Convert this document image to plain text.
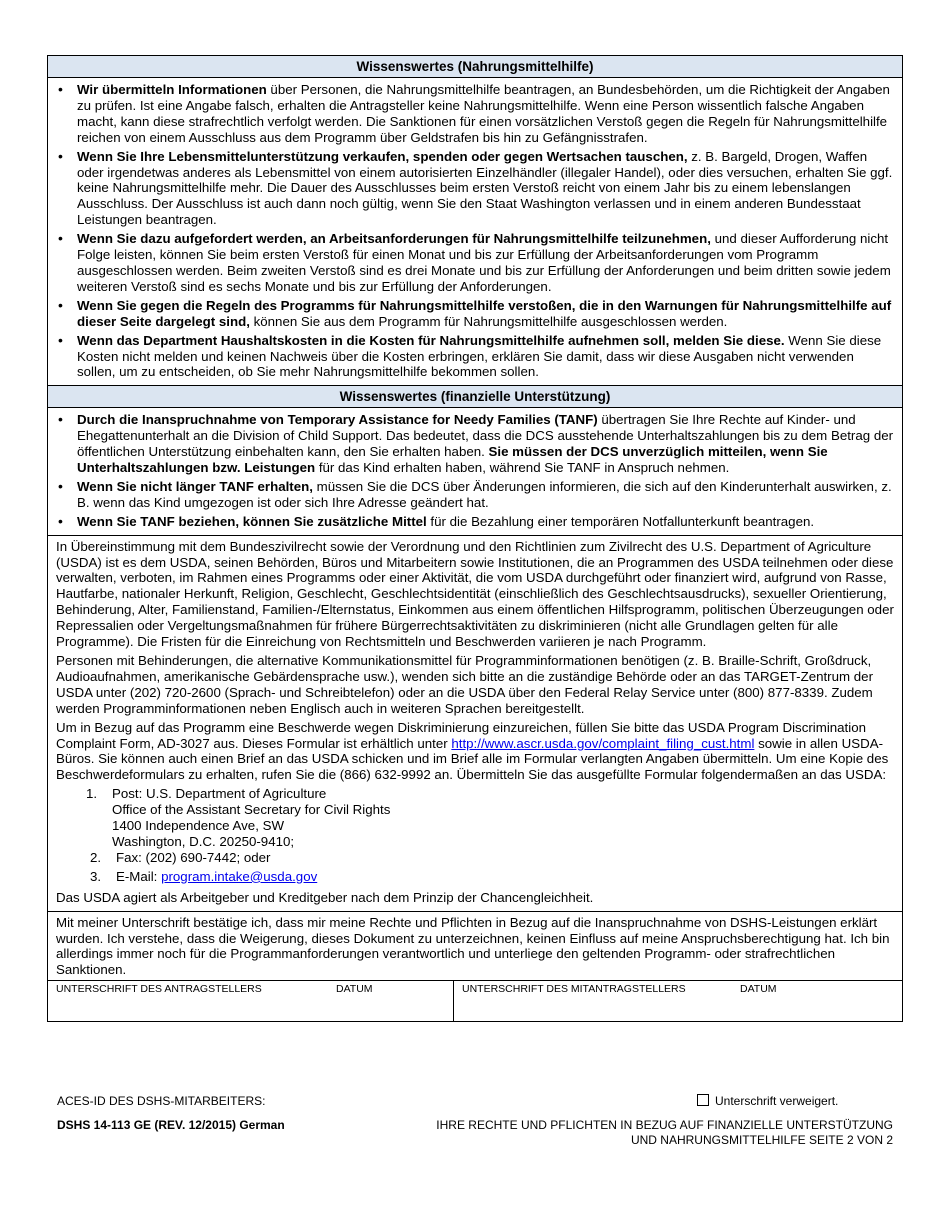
Wissenswertes (Nahrungsmittelhilfe)
• Wir übermitteln Informationen über Personen, die Nahrungsmittelhilfe beantragen, an Bundesbehörden, um die Richtigkeit der Angaben zu prüfen. Ist eine Angabe falsch, erhalten die Antragsteller keine Nahrungsmittelhilfe. Wenn eine Person wissentlich falsche Angaben macht, kann diese strafrechtlich verfolgt werden. Die Sanktionen für einen vorsätzlichen Verstoß gegen die Regeln für Nahrungsmittelhilfe reichen von einem Ausschluss aus dem Programm über Geldstrafen bis hin zu Gefängnisstrafen.
• Wenn Sie Ihre Lebensmittelunterstützung verkaufen, spenden oder gegen Wertsachen tauschen, z. B. Bargeld, Drogen, Waffen oder irgendetwas anderes als Lebensmittel von einem autorisierten Einzelhändler (illegaler Handel), oder dies versuchen, erhalten Sie ggf. keine Nahrungsmittelhilfe mehr. Die Dauer des Ausschlusses beim ersten Verstoß reicht von einem Jahr bis zu einem lebenslangen Ausschluss. Der Ausschluss ist auch dann noch gültig, wenn Sie den Staat Washington verlassen und in einem anderen Bundesstaat Leistungen beantragen.
• Wenn Sie dazu aufgefordert werden, an Arbeitsanforderungen für Nahrungsmittelhilfe teilzunehmen, und dieser Aufforderung nicht Folge leisten, können Sie beim ersten Verstoß für einen Monat und bis zur Erfüllung der Arbeitsanforderungen vom Programm ausgeschlossen werden. Beim zweiten Verstoß sind es drei Monate und bis zur Erfüllung der Anforderungen und beim dritten sowie jedem weiteren Verstoß sind es sechs Monate und bis zur Erfüllung der Anforderungen.
• Wenn Sie gegen die Regeln des Programms für Nahrungsmittelhilfe verstoßen, die in den Warnungen für Nahrungsmittelhilfe auf dieser Seite dargelegt sind, können Sie aus dem Programm für Nahrungsmittelhilfe ausgeschlossen werden.
• Wenn das Department Haushaltskosten in die Kosten für Nahrungsmittelhilfe aufnehmen soll, melden Sie diese. Wenn Sie diese Kosten nicht melden und keinen Nachweis über die Kosten erbringen, erklären Sie damit, dass wir diese Ausgaben nicht verwenden sollen, um zu entscheiden, ob Sie mehr Nahrungsmittelhilfe bekommen sollen.
Wissenswertes (finanzielle Unterstützung)
• Durch die Inanspruchnahme von Temporary Assistance for Needy Families (TANF) übertragen Sie Ihre Rechte auf Kinder- und Ehegattenunterhalt an die Division of Child Support. Das bedeutet, dass die DCS ausstehende Unterhaltszahlungen bis zu dem Betrag der öffentlichen Unterstützung einbehalten kann, den Sie erhalten haben. Sie müssen der DCS unverzüglich mitteilen, wenn Sie Unterhaltszahlungen bzw. Leistungen für das Kind erhalten haben, während Sie TANF in Anspruch nehmen.
• Wenn Sie nicht länger TANF erhalten, müssen Sie die DCS über Änderungen informieren, die sich auf den Kinderunterhalt auswirken, z. B. wenn das Kind umgezogen ist oder sich Ihre Adresse geändert hat.
• Wenn Sie TANF beziehen, können Sie zusätzliche Mittel für die Bezahlung einer temporären Notfallunterkunft beantragen.

In Übereinstimmung mit dem Bundeszivilrecht sowie der Verordnung und den Richtlinien zum Zivilrecht des U.S. Department of Agriculture (USDA) ist es dem USDA, seinen Behörden, Büros und Mitarbeitern sowie Institutionen, die an Programmen des USDA teilnehmen oder diese verwalten, verboten, im Rahmen eines Programms oder einer Aktivität, die vom USDA durchgeführt oder finanziert wird, aufgrund von Rasse, Hautfarbe, nationaler Herkunft, Religion, Geschlecht, Geschlechtsidentität (einschließlich des Geschlechtsausdrucks), sexueller Orientierung, Behinderung, Alter, Familienstand, Familien-/Elternstatus, Einkommen aus einem öffentlichen Hilfsprogramm, politischen Überzeugungen oder Repressalien oder Vergeltungsmaßnahmen für frühere Bürgerrechtsaktivitäten zu diskriminieren (nicht alle Grundlagen gelten für alle Programme). Die Fristen für die Einreichung von Rechtsmitteln und Beschwerden variieren je nach Programm.

Personen mit Behinderungen, die alternative Kommunikationsmittel für Programminformationen benötigen (z. B. Braille-Schrift, Großdruck, Audioaufnahmen, amerikanische Gebärdensprache usw.), wenden sich bitte an die zuständige Behörde oder an das TARGET-Zentrum der USDA unter (202) 720-2600 (Sprach- und Schreibtelefon) oder an die USDA über den Federal Relay Service unter (800) 877-8339. Zudem werden Programminformationen neben Englisch auch in weiteren Sprachen bereitgestellt.

Um in Bezug auf das Programm eine Beschwerde wegen Diskriminierung einzureichen, füllen Sie bitte das USDA Program Discrimination Complaint Form, AD-3027 aus. Dieses Formular ist erhältlich unter http://www.ascr.usda.gov/complaint_filing_cust.html sowie in allen USDA-Büros. Sie können auch einen Brief an das USDA schicken und im Brief alle im Formular verlangten Angaben übermitteln. Um eine Kopie des Beschwerdeformulars zu erhalten, rufen Sie die (866) 632-9992 an. Übermitteln Sie das ausgefüllte Formular folgendermaßen an das USDA:

1. Post: U.S. Department of Agriculture
Office of the Assistant Secretary for Civil Rights
1400 Independence Ave, SW
Washington, D.C. 20250-9410;
2. Fax: (202) 690-7442; oder
3. E-Mail: program.intake@usda.gov

Das USDA agiert als Arbeitgeber und Kreditgeber nach dem Prinzip der Chancengleichheit.

Mit meiner Unterschrift bestätige ich, dass mir meine Rechte und Pflichten in Bezug auf die Inanspruchnahme von DSHS-Leistungen erklärt wurden. Ich verstehe, dass die Weigerung, dieses Dokument zu unterzeichnen, keinen Einfluss auf meine Anspruchsberechtigung hat. Ich bin allerdings immer noch für die Programmanforderungen verantwortlich und unterliege den geltenden Programm- oder strafrechtlichen Sanktionen.
UNTERSCHRIFT DES ANTRAGSTELLERS	DATUM	UNTERSCHRIFT DES MITANTRAGSTELLERS	DATUM
ACES-ID DES DSHS-MITARBEITERS:	Unterschrift verweigert.
DSHS 14-113 GE (REV. 12/2015) German	IHRE RECHTE UND PFLICHTEN IN BEZUG AUF FINANZIELLE UNTERSTÜTZUNG
UND NAHRUNGSMITTELHILFE SEITE 2 VON 2
